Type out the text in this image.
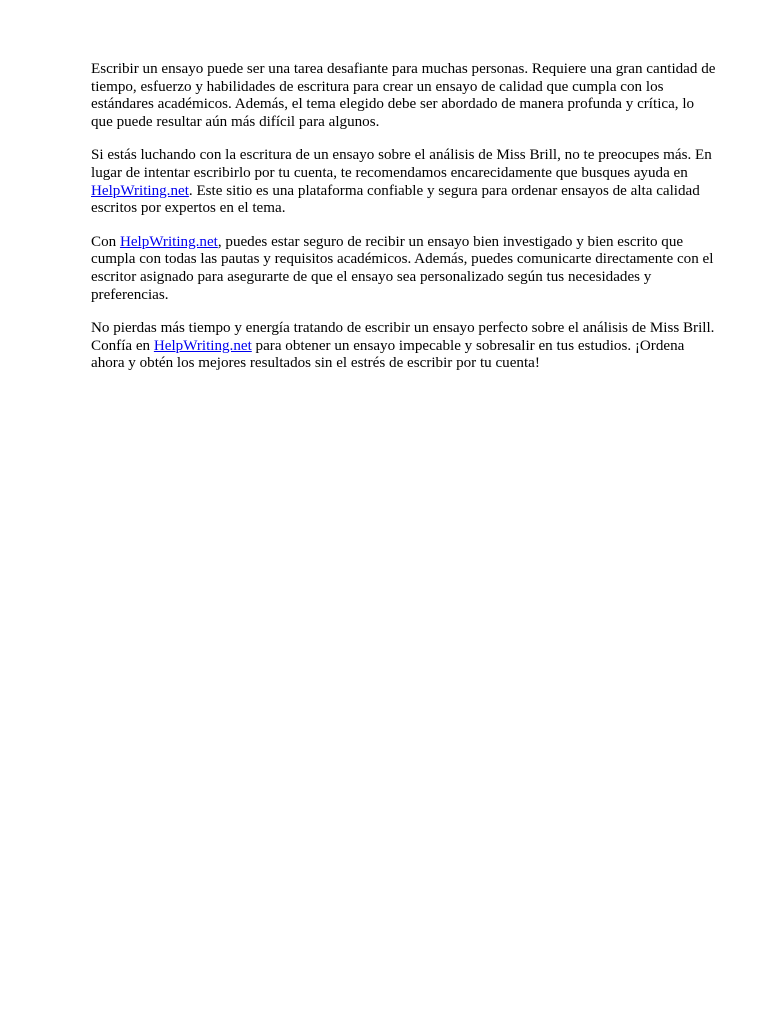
Escribir un ensayo puede ser una tarea desafiante para muchas personas. Requiere una gran cantidad de tiempo, esfuerzo y habilidades de escritura para crear un ensayo de calidad que cumpla con los estándares académicos. Además, el tema elegido debe ser abordado de manera profunda y crítica, lo que puede resultar aún más difícil para algunos.

Si estás luchando con la escritura de un ensayo sobre el análisis de Miss Brill, no te preocupes más. En lugar de intentar escribirlo por tu cuenta, te recomendamos encarecidamente que busques ayuda en HelpWriting.net. Este sitio es una plataforma confiable y segura para ordenar ensayos de alta calidad escritos por expertos en el tema.

Con HelpWriting.net, puedes estar seguro de recibir un ensayo bien investigado y bien escrito que cumpla con todas las pautas y requisitos académicos. Además, puedes comunicarte directamente con el escritor asignado para asegurarte de que el ensayo sea personalizado según tus necesidades y preferencias.

No pierdas más tiempo y energía tratando de escribir un ensayo perfecto sobre el análisis de Miss Brill. Confía en HelpWriting.net para obtener un ensayo impecable y sobresalir en tus estudios. ¡Ordena ahora y obtén los mejores resultados sin el estrés de escribir por tu cuenta!
